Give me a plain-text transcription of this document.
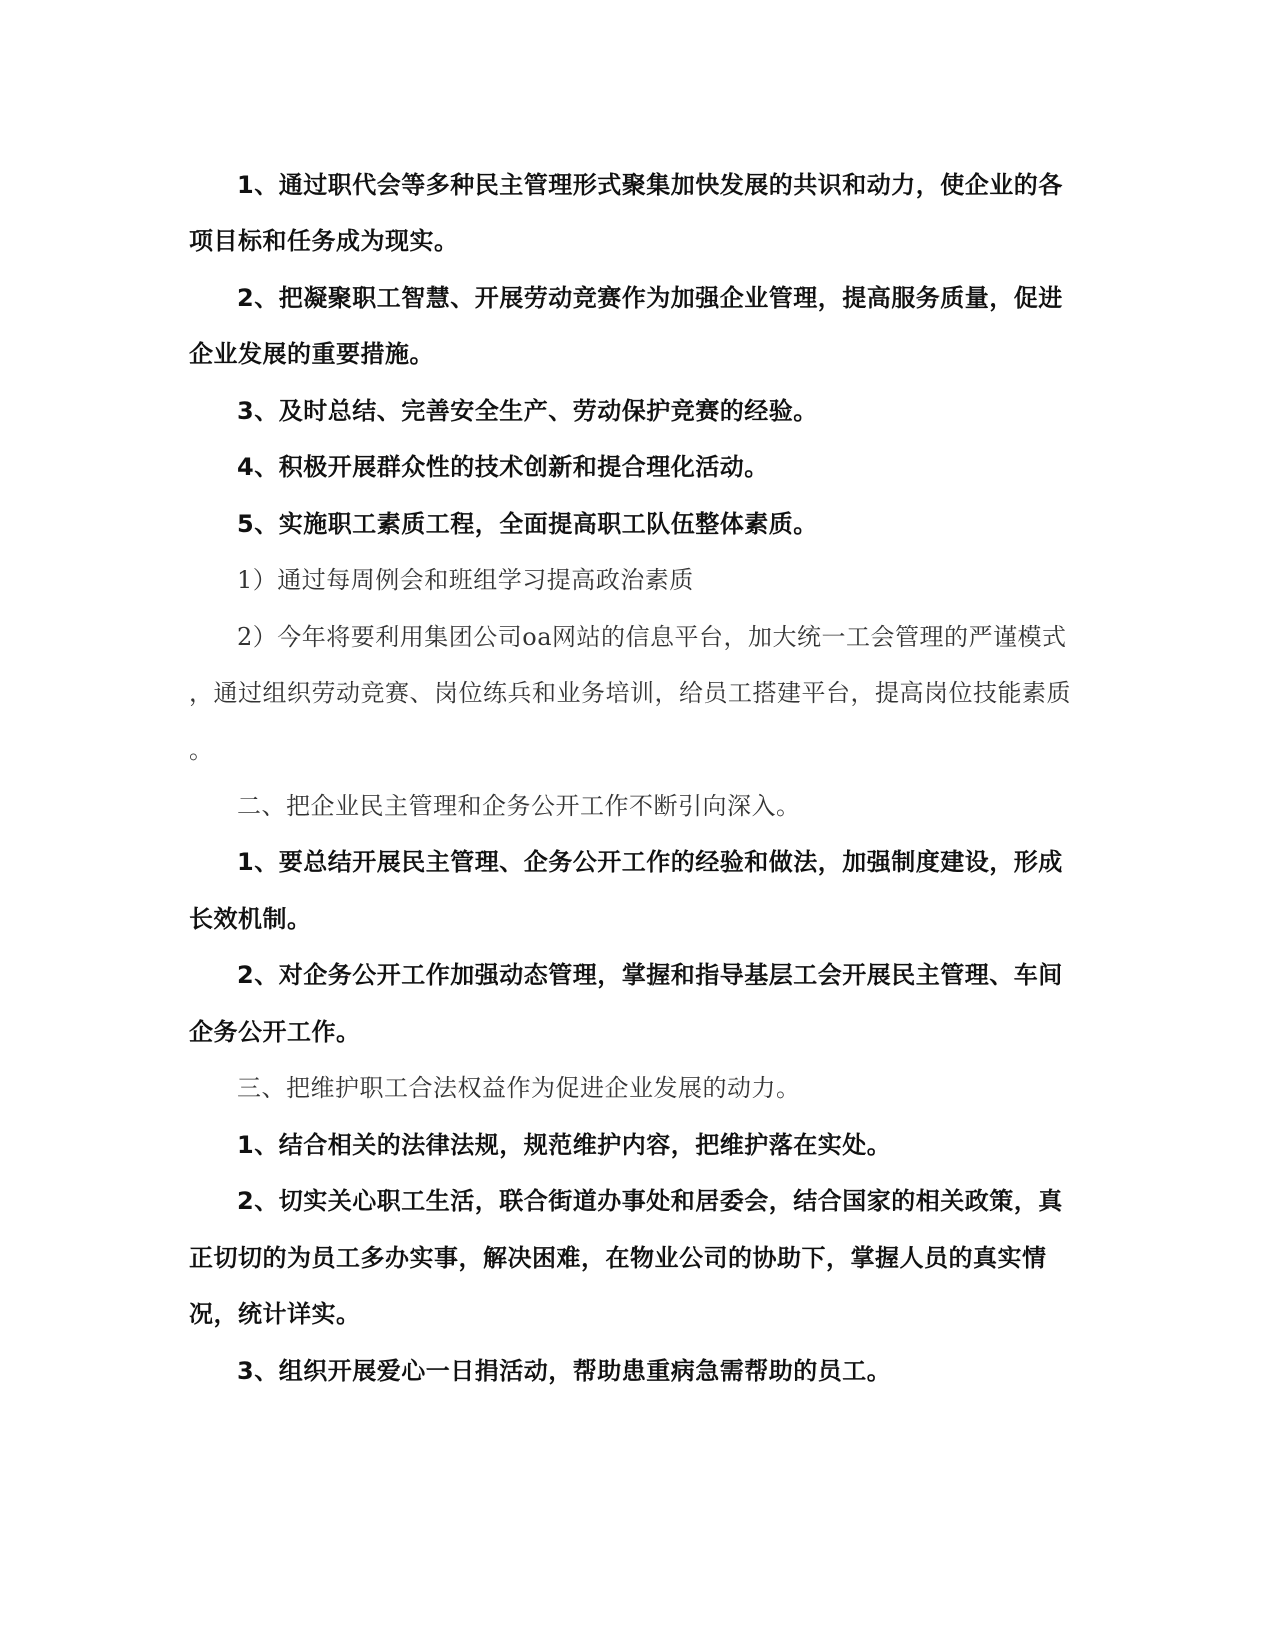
1、通过职代会等多种民主管理形式聚集加快发展的共识和动力，使企业的各

项目标和任务成为现实。

2、把凝聚职工智慧、开展劳动竞赛作为加强企业管理，提高服务质量，促进

企业发展的重要措施。

3、及时总结、完善安全生产、劳动保护竞赛的经验。

4、积极开展群众性的技术创新和提合理化活动。

5、实施职工素质工程，全面提高职工队伍整体素质。

1）通过每周例会和班组学习提高政治素质

2）今年将要利用集团公司oa网站的信息平台，加大统一工会管理的严谨模式

，通过组织劳动竞赛、岗位练兵和业务培训，给员工搭建平台，提高岗位技能素质

。

二、把企业民主管理和企务公开工作不断引向深入。

1、要总结开展民主管理、企务公开工作的经验和做法，加强制度建设，形成

长效机制。

2、对企务公开工作加强动态管理，掌握和指导基层工会开展民主管理、车间

企务公开工作。

三、把维护职工合法权益作为促进企业发展的动力。

1、结合相关的法律法规，规范维护内容，把维护落在实处。

2、切实关心职工生活，联合街道办事处和居委会，结合国家的相关政策，真

正切切的为员工多办实事，解决困难，在物业公司的协助下，掌握人员的真实情

况，统计详实。

3、组织开展爱心一日捐活动，帮助患重病急需帮助的员工。
